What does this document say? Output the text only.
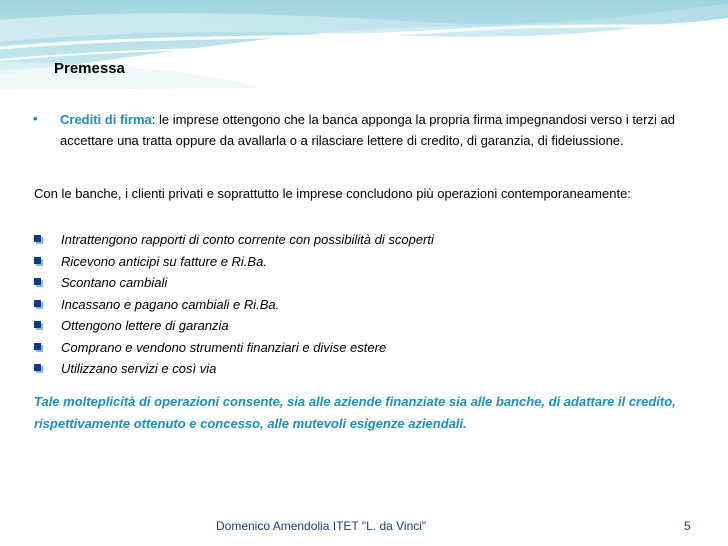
Premessa
• Crediti di firma: le imprese ottengono che la banca apponga la propria firma impegnandosi verso i terzi ad accettare una tratta oppure da avallarla o a rilasciare lettere di credito, di garanzia, di fideiussione.

Con le banche, i clienti privati e soprattutto le imprese concludono più operazioni contemporaneamente:

Intrattengono rapporti di conto corrente con possibilità di scoperti
Ricevono anticipi su fatture e Ri.Ba.
Scontano cambiali
Incassano e pagano cambiali e Ri.Ba.
Ottengono lettere di garanzia
Comprano e vendono strumenti finanziari e divise estere
Utilizzano servizi e così via

Tale molteplicità di operazioni consente, sia alle aziende finanziate sia alle banche, di adattare il credito, rispettivamente ottenuto e concesso, alle mutevoli esigenze aziendali.

Domenico Amendolia ITET "L. da Vinci"	5
